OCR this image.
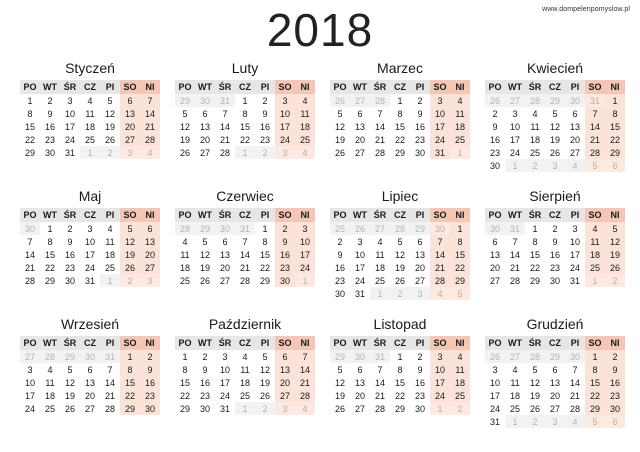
www.dompelenpomyslow.pl
2018
Styczeń
PO	WT	ŚR	CZ	PI	SO	NI
1	2	3	4	5	6	7
8	9	10	11	12	13	14
15	16	17	18	19	20	21
22	23	24	25	26	27	28
29	30	31	1	2	3	4
Luty
PO	WT	ŚR	CZ	PI	SO	NI
29	30	31	1	2	3	4
5	6	7	8	9	10	11
12	13	14	15	16	17	18
19	20	21	22	23	24	25
26	27	28	1	2	3	4
Marzec
PO	WT	ŚR	CZ	PI	SO	NI
26	27	28	1	2	3	4
5	6	7	8	9	10	11
12	13	14	15	16	17	18
19	20	21	22	23	24	25
26	27	28	29	30	31	1
Kwiecień
PO	WT	ŚR	CZ	PI	SO	NI
26	27	28	29	30	31	1
2	3	4	5	6	7	8
9	10	11	12	13	14	15
16	17	18	19	20	21	22
23	24	25	26	27	28	29
30	1	2	3	4	5	6
Maj
PO	WT	ŚR	CZ	PI	SO	NI
30	1	2	3	4	5	6
7	8	9	10	11	12	13
14	15	16	17	18	19	20
21	22	23	24	25	26	27
28	29	30	31	1	2	3
Czerwiec
PO	WT	ŚR	CZ	PI	SO	NI
28	29	30	31	1	2	3
4	5	6	7	8	9	10
11	12	13	14	15	16	17
18	19	20	21	22	23	24
25	26	27	28	29	30	1
Lipiec
PO	WT	ŚR	CZ	PI	SO	NI
25	26	27	28	29	30	1
2	3	4	5	6	7	8
9	10	11	12	13	14	15
16	17	18	19	20	21	22
23	24	25	26	27	28	29
30	31	1	2	3	4	5
Sierpień
PO	WT	ŚR	CZ	PI	SO	NI
30	31	1	2	3	4	5
6	7	8	9	10	11	12
13	14	15	16	17	18	19
20	21	22	23	24	25	26
27	28	29	30	31	1	2
Wrzesień
PO	WT	ŚR	CZ	PI	SO	NI
27	28	29	30	31	1	2
3	4	5	6	7	8	9
10	11	12	13	14	15	16
17	18	19	20	21	22	23
24	25	26	27	28	29	30
Październik
PO	WT	ŚR	CZ	PI	SO	NI
1	2	3	4	5	6	7
8	9	10	11	12	13	14
15	16	17	18	19	20	21
22	23	24	25	26	27	28
29	30	31	1	2	3	4
Listopad
PO	WT	ŚR	CZ	PI	SO	NI
29	30	31	1	2	3	4
5	6	7	8	9	10	11
12	13	14	15	16	17	18
19	20	21	22	23	24	25
26	27	28	29	30	1	2
Grudzień
PO	WT	ŚR	CZ	PI	SO	NI
26	27	28	29	30	1	2
3	4	5	6	7	8	9
10	11	12	13	14	15	16
17	18	19	20	21	22	23
24	25	26	27	28	29	30
31	1	2	3	4	5	6
